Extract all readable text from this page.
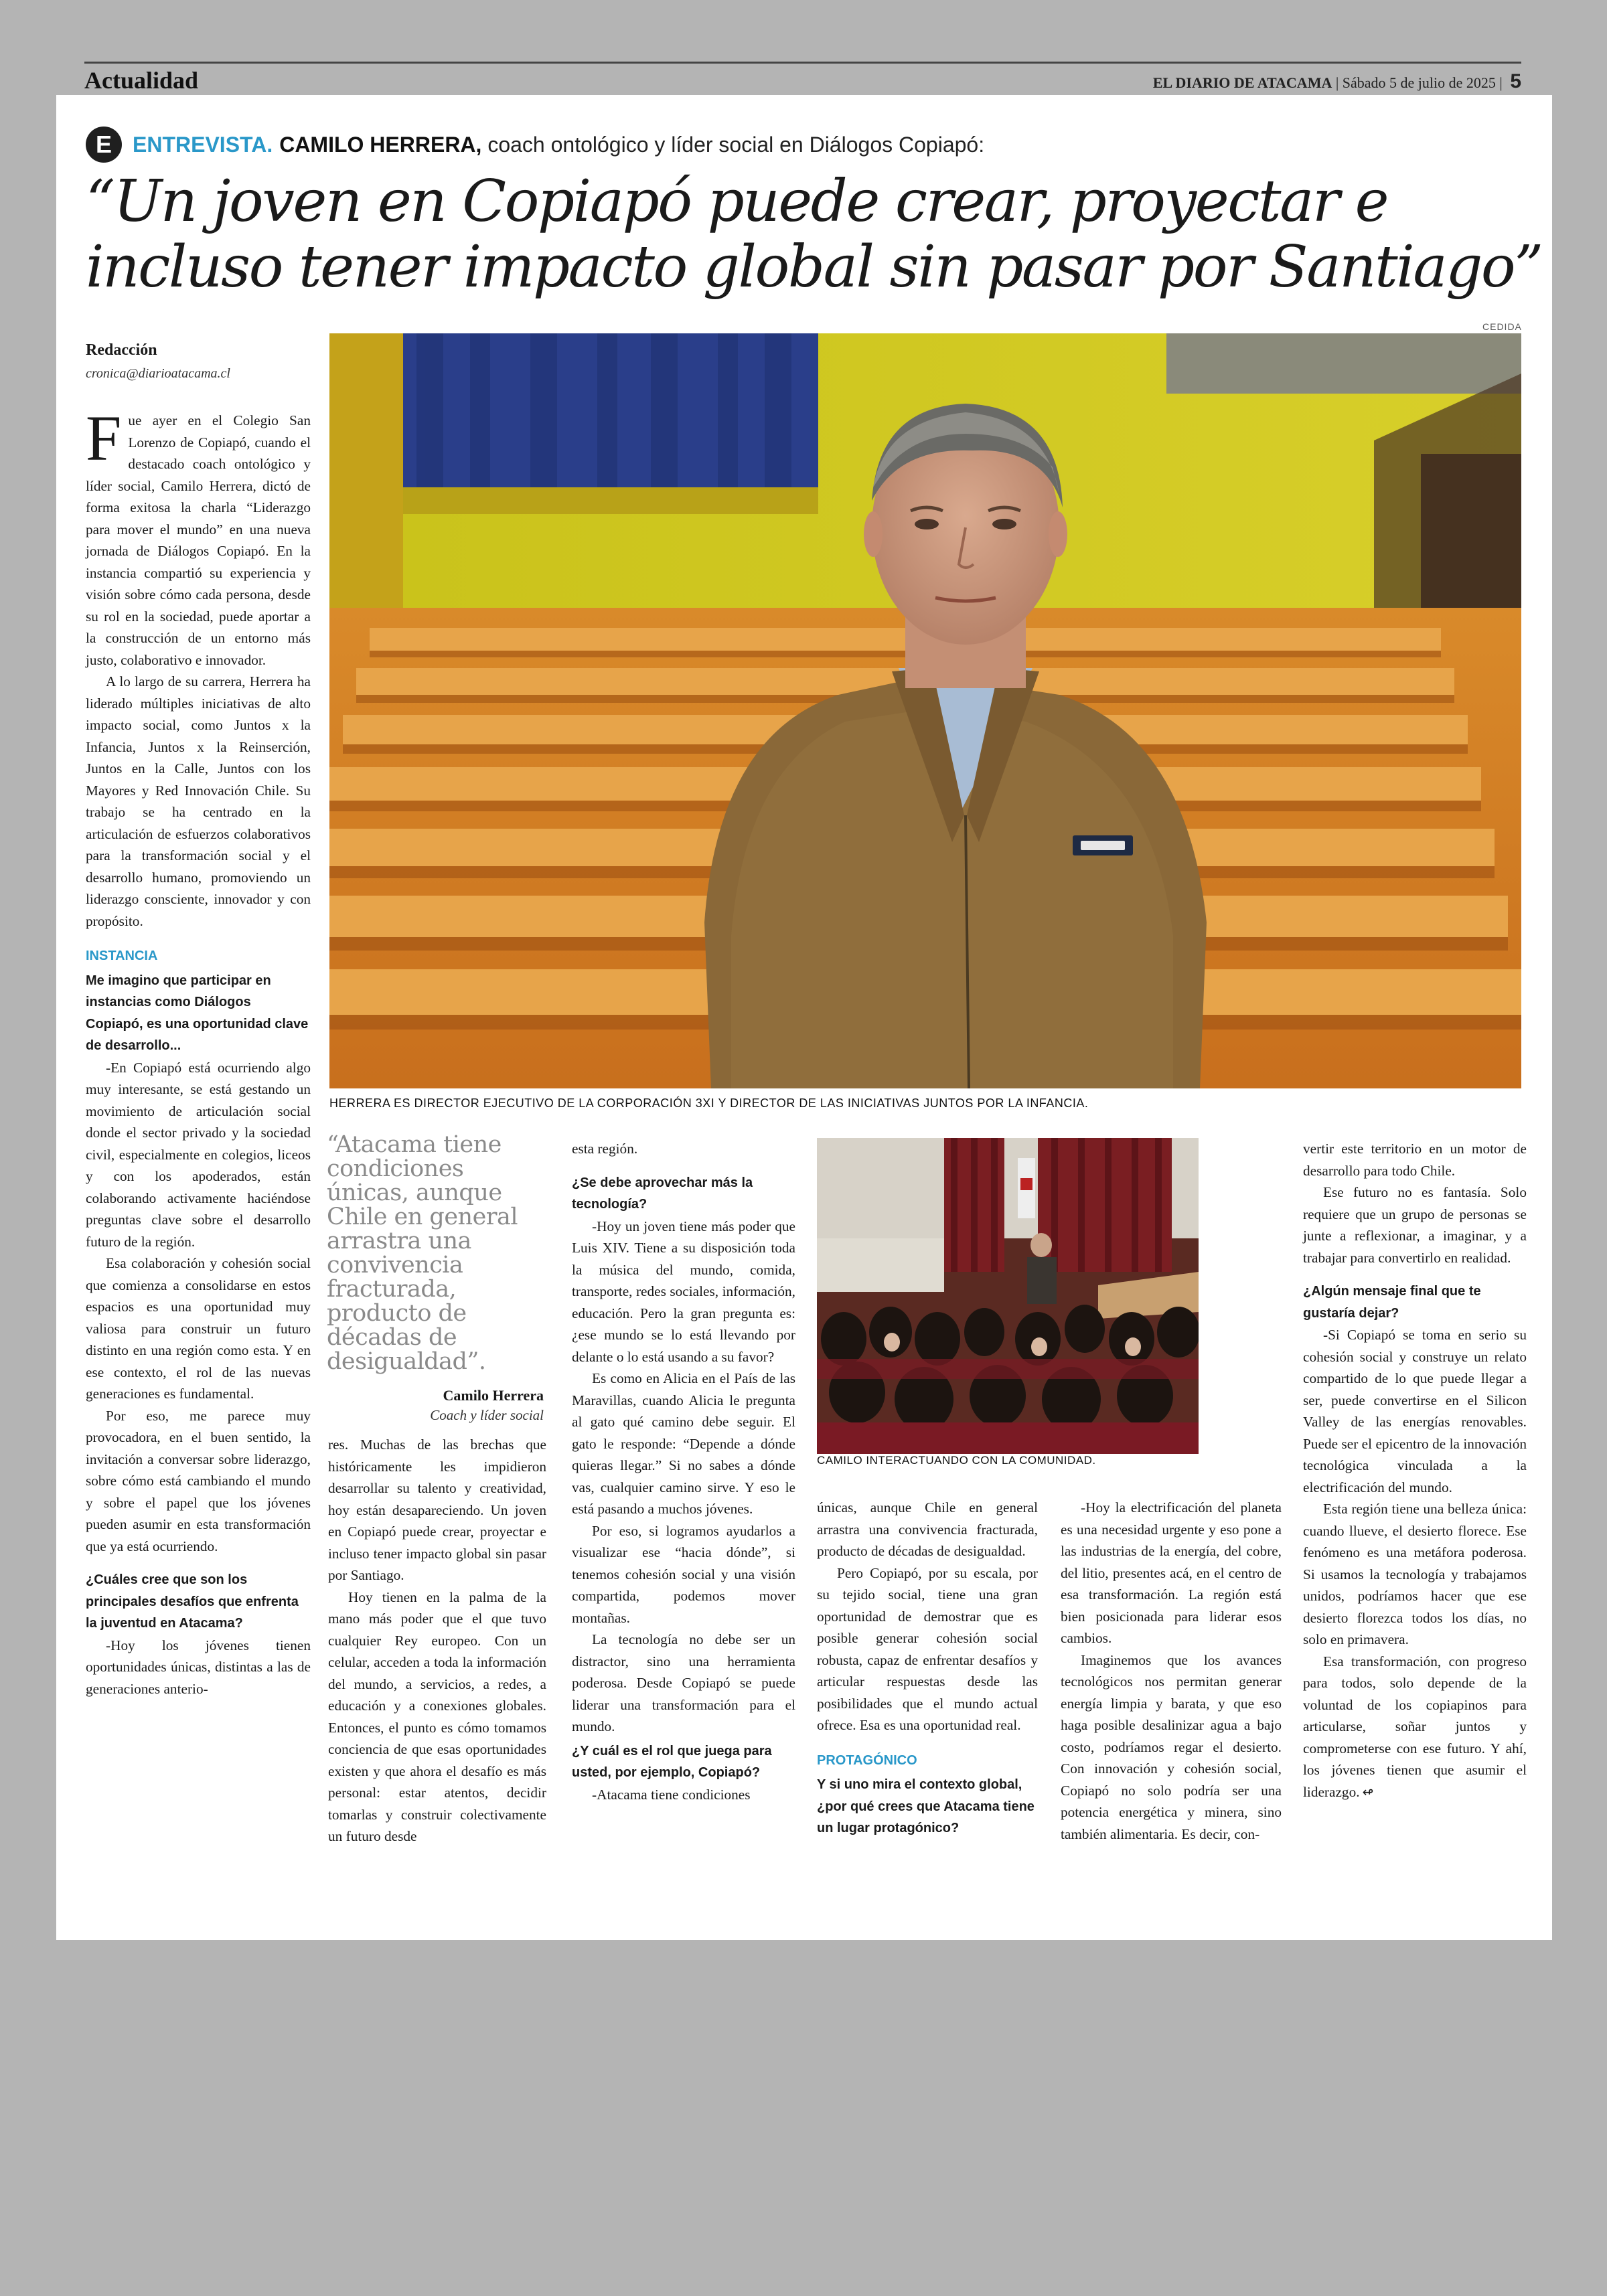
Actualidad	EL DIARIO DE ATACAMA | Sábado 5 de julio de 2025 | 5
E ENTREVISTA. CAMILO HERRERA,
coach ontológico y líder social en Diálogos Copiapó:
“Un joven en Copiapó puede crear, proyectar e incluso tener impacto global sin pasar por Santiago”
CEDIDA
Redacción
cronica@diarioatacama.cl

Fue ayer en el Colegio San Lorenzo de Copiapó, cuando el destacado coach ontológico y líder social, Camilo Herrera, dictó de forma exitosa la charla “Liderazgo para mover el mundo” en una nueva jornada de Diálogos Copiapó. En la instancia compartió su experiencia y visión sobre cómo cada persona, desde su rol en la sociedad, puede aportar a la construcción de un entorno más justo, colaborativo e innovador.

A lo largo de su carrera, Herrera ha liderado múltiples iniciativas de alto impacto social, como Juntos x la Infancia, Juntos x la Reinserción, Juntos en la Calle, Juntos con los Mayores y Red Innovación Chile. Su trabajo se ha centrado en la articulación de esfuerzos colaborativos para la transformación social y el desarrollo humano, promoviendo un liderazgo consciente, innovador y con propósito.

INSTANCIA

Me imagino que participar en instancias como Diálogos Copiapó, es una oportunidad clave de desarrollo...

-En Copiapó está ocurriendo algo muy interesante, se está gestando un movimiento de articulación social donde el sector privado y la sociedad civil, especialmente en colegios, liceos y con los apoderados, están colaborando activamente haciéndose preguntas clave sobre el desarrollo futuro de la región.

Esa colaboración y cohesión social que comienza a consolidarse en estos espacios es una oportunidad muy valiosa para construir un futuro distinto en una región como esta. Y en ese contexto, el rol de las nuevas generaciones es fundamental.

Por eso, me parece muy provocadora, en el buen sentido, la invitación a conversar sobre liderazgo, sobre cómo está cambiando el mundo y sobre el papel que los jóvenes pueden asumir en esta transformación que ya está ocurriendo.

¿Cuáles cree que son los principales desafíos que enfrenta la juventud en Atacama?

-Hoy los jóvenes tienen oportunidades únicas, distintas a las de generaciones anterio-

HERRERA ES DIRECTOR EJECUTIVO DE LA CORPORACIÓN 3XI Y DIRECTOR DE LAS INICIATIVAS JUNTOS POR LA INFANCIA.
“Atacama tiene condiciones únicas, aunque Chile en general arrastra una convivencia fracturada, producto de décadas de desigualdad”.
Camilo Herrera
Coach y líder social

res. Muchas de las brechas que históricamente les impidieron desarrollar su talento y creatividad, hoy están desapareciendo. Un joven en Copiapó puede crear, proyectar e incluso tener impacto global sin pasar por Santiago.

Hoy tienen en la palma de la mano más poder que el que tuvo cualquier Rey europeo. Con un celular, acceden a toda la información del mundo, a servicios, a redes, a educación y a conexiones globales. Entonces, el punto es cómo tomamos conciencia de que esas oportunidades existen y que ahora el desafío es más personal: estar atentos, decidir tomarlas y construir colectivamente un futuro desde

esta región.

¿Se debe aprovechar más la tecnología?

-Hoy un joven tiene más poder que Luis XIV. Tiene a su disposición toda la música del mundo, comida, transporte, redes sociales, información, educación. Pero la gran pregunta es: ¿ese mundo se lo está llevando por delante o lo está usando a su favor?

Es como en Alicia en el País de las Maravillas, cuando Alicia le pregunta al gato qué camino debe seguir. El gato le responde: “Depende a dónde quieras llegar.” Si no sabes a dónde vas, cualquier camino sirve. Y eso le está pasando a muchos jóvenes.

Por eso, si logramos ayudarlos a visualizar ese “hacia dónde”, si tenemos cohesión social y una visión compartida, podemos mover montañas.

La tecnología no debe ser un distractor, sino una herramienta poderosa. Desde Copiapó se puede liderar una transformación para el mundo.

¿Y cuál es el rol que juega para usted, por ejemplo, Copiapó?

-Atacama tiene condiciones

CAMILO INTERACTUANDO CON LA COMUNIDAD.

únicas, aunque Chile en general arrastra una convivencia fracturada, producto de décadas de desigualdad.

Pero Copiapó, por su escala, por su tejido social, tiene una gran oportunidad de demostrar que es posible generar cohesión social robusta, capaz de enfrentar desafíos y articular respuestas desde las posibilidades que el mundo actual ofrece. Esa es una oportunidad real.

PROTAGÓNICO

Y si uno mira el contexto global, ¿por qué crees que Atacama tiene un lugar protagónico?

-Hoy la electrificación del planeta es una necesidad urgente y eso pone a las industrias de la energía, del cobre, del litio, presentes acá, en el centro de esa transformación. La región está bien posicionada para liderar esos cambios.

Imaginemos que los avances tecnológicos nos permitan generar energía limpia y barata, y que eso haga posible desalinizar agua a bajo costo, podríamos regar el desierto. Con innovación y cohesión social, Copiapó no solo podría ser una potencia energética y minera, sino también alimentaria. Es decir, con-

vertir este territorio en un motor de desarrollo para todo Chile.

Ese futuro no es fantasía. Solo requiere que un grupo de personas se junte a reflexionar, a imaginar, y a trabajar para convertirlo en realidad.

¿Algún mensaje final que te gustaría dejar?

-Si Copiapó se toma en serio su cohesión social y construye un relato compartido de lo que puede llegar a ser, puede convertirse en el Silicon Valley de las energías renovables. Puede ser el epicentro de la innovación tecnológica vinculada a la electrificación del mundo.

Esta región tiene una belleza única: cuando llueve, el desierto florece. Ese fenómeno es una metáfora poderosa. Si usamos la tecnología y trabajamos unidos, podríamos hacer que ese desierto florezca todos los días, no solo en primavera.

Esa transformación, con progreso para todos, solo depende de la voluntad de los copiapinos para articularse, soñar juntos y comprometerse con ese futuro. Y ahí, los jóvenes tienen que asumir el liderazgo. ↫
